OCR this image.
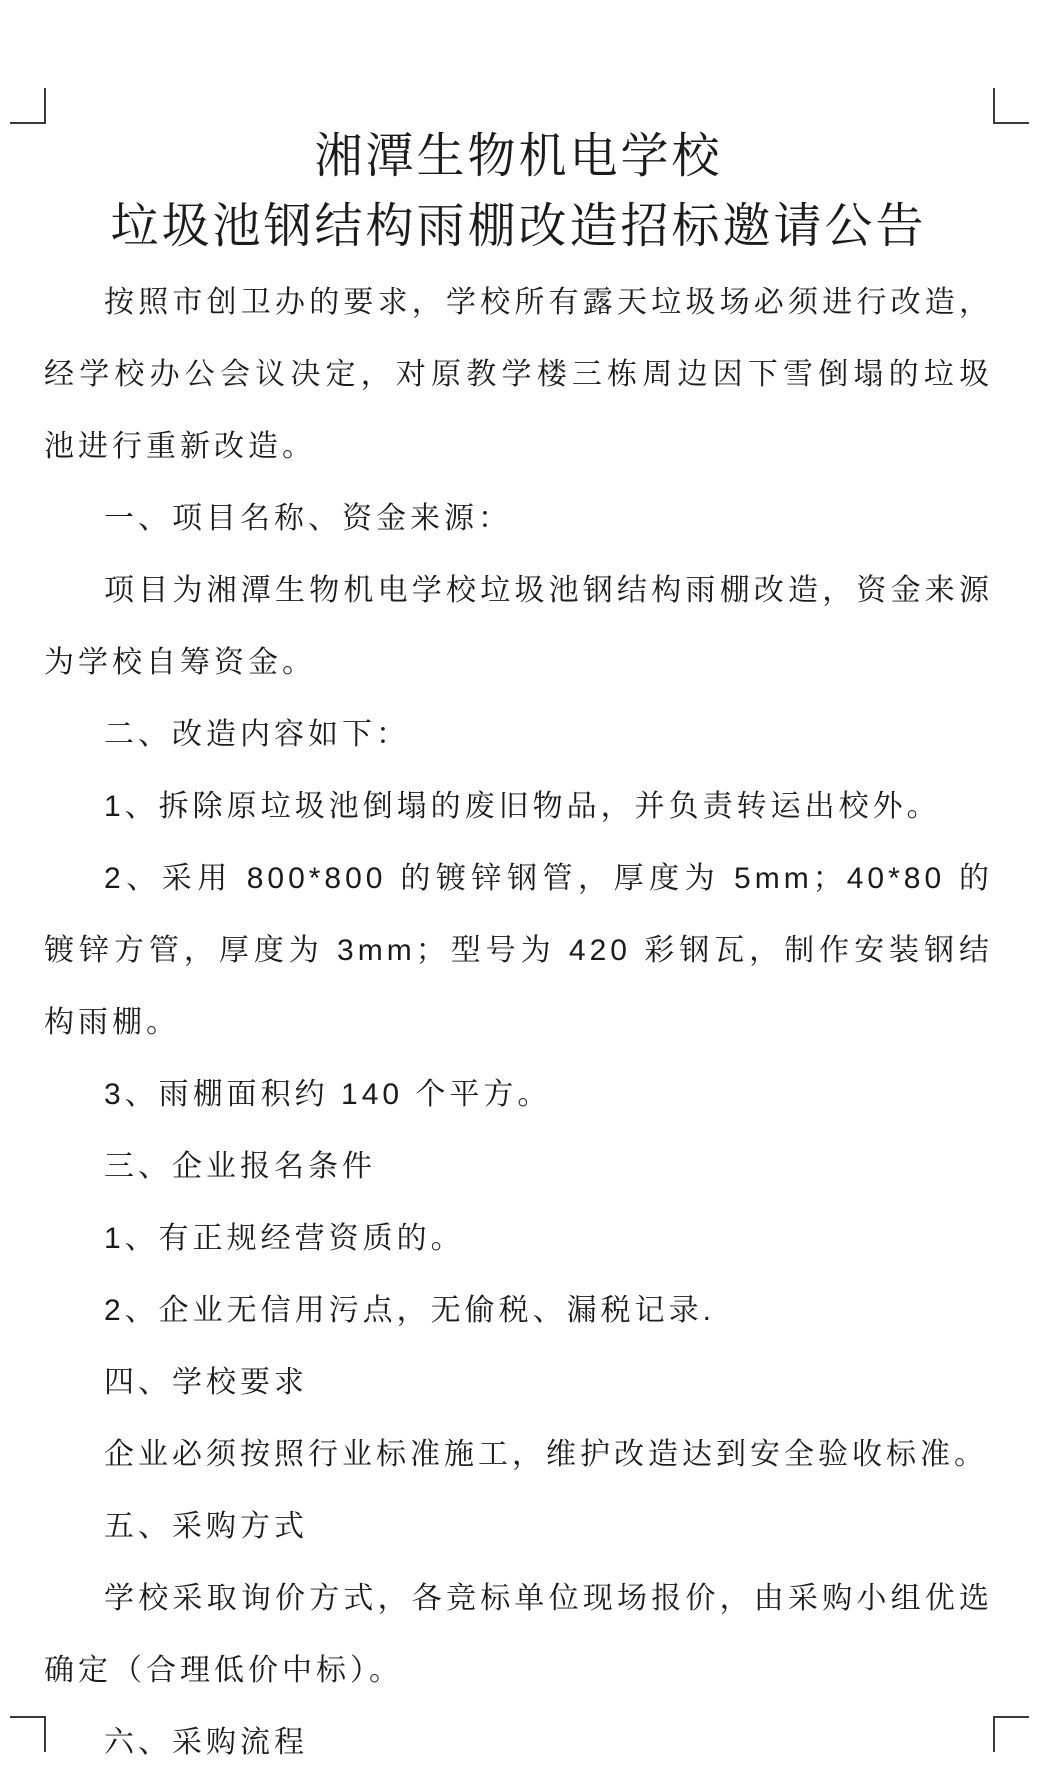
湘潭生物机电学校
垃圾池钢结构雨棚改造招标邀请公告

按照市创卫办的要求，学校所有露天垃圾场必须进行改造，经学校办公会议决定，对原教学楼三栋周边因下雪倒塌的垃圾池进行重新改造。

一、项目名称、资金来源：

项目为湘潭生物机电学校垃圾池钢结构雨棚改造，资金来源为学校自筹资金。

二、改造内容如下：

1、拆除原垃圾池倒塌的废旧物品，并负责转运出校外。

2、采用 800*800 的镀锌钢管，厚度为 5mm；40*80 的镀锌方管，厚度为 3mm；型号为 420 彩钢瓦，制作安装钢结构雨棚。

3、雨棚面积约 140 个平方。

三、企业报名条件

1、有正规经营资质的。

2、企业无信用污点，无偷税、漏税记录.

四、学校要求

企业必须按照行业标准施工，维护改造达到安全验收标准。

五、采购方式

学校采取询价方式，各竞标单位现场报价，由采购小组优选确定（合理低价中标）。

六、采购流程
